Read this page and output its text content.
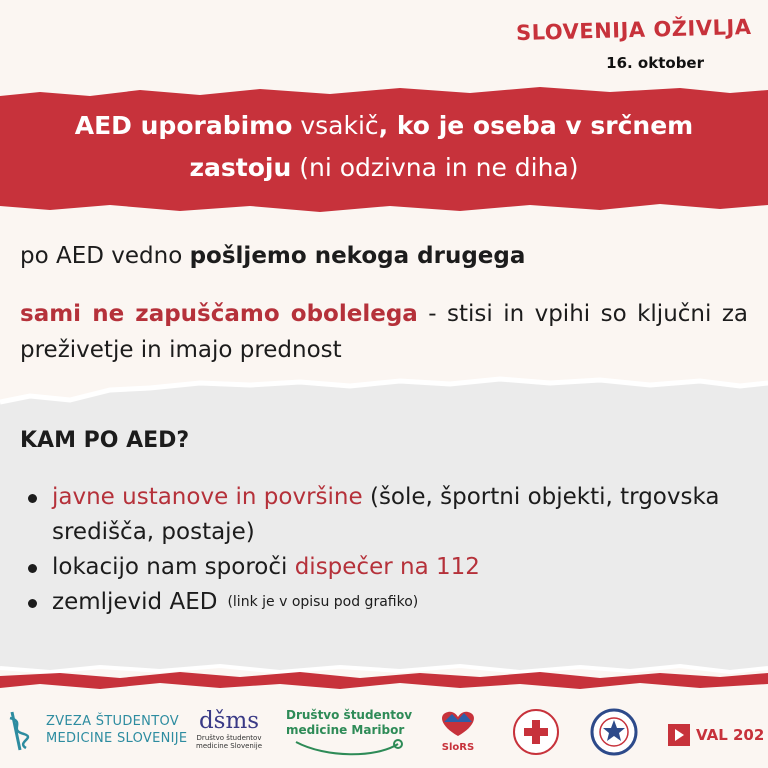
SLOVENIJA OŽIVLJA
16. oktober
AED uporabimo vsakič, ko je oseba v srčnem
zastoju (ni odzivna in ne diha)
po AED vedno pošljemo nekoga drugega
sami ne zapuščamo obolelega - stisi in vpihi so ključni za preživetje in imajo prednost
KAM PO AED?
javne ustanove in površine (šole, športni objekti, trgovska središča, postaje)
lokacijo nam sporoči dispečer na 112
zemljevid AED (link je v opisu pod grafiko)
ZVEZA ŠTUDENTOV
MEDICINE SLOVENIJE
dšms
Društvo študentov
medicine Slovenije
Društvo študentov
medicine Maribor
SloRS
VAL 202
